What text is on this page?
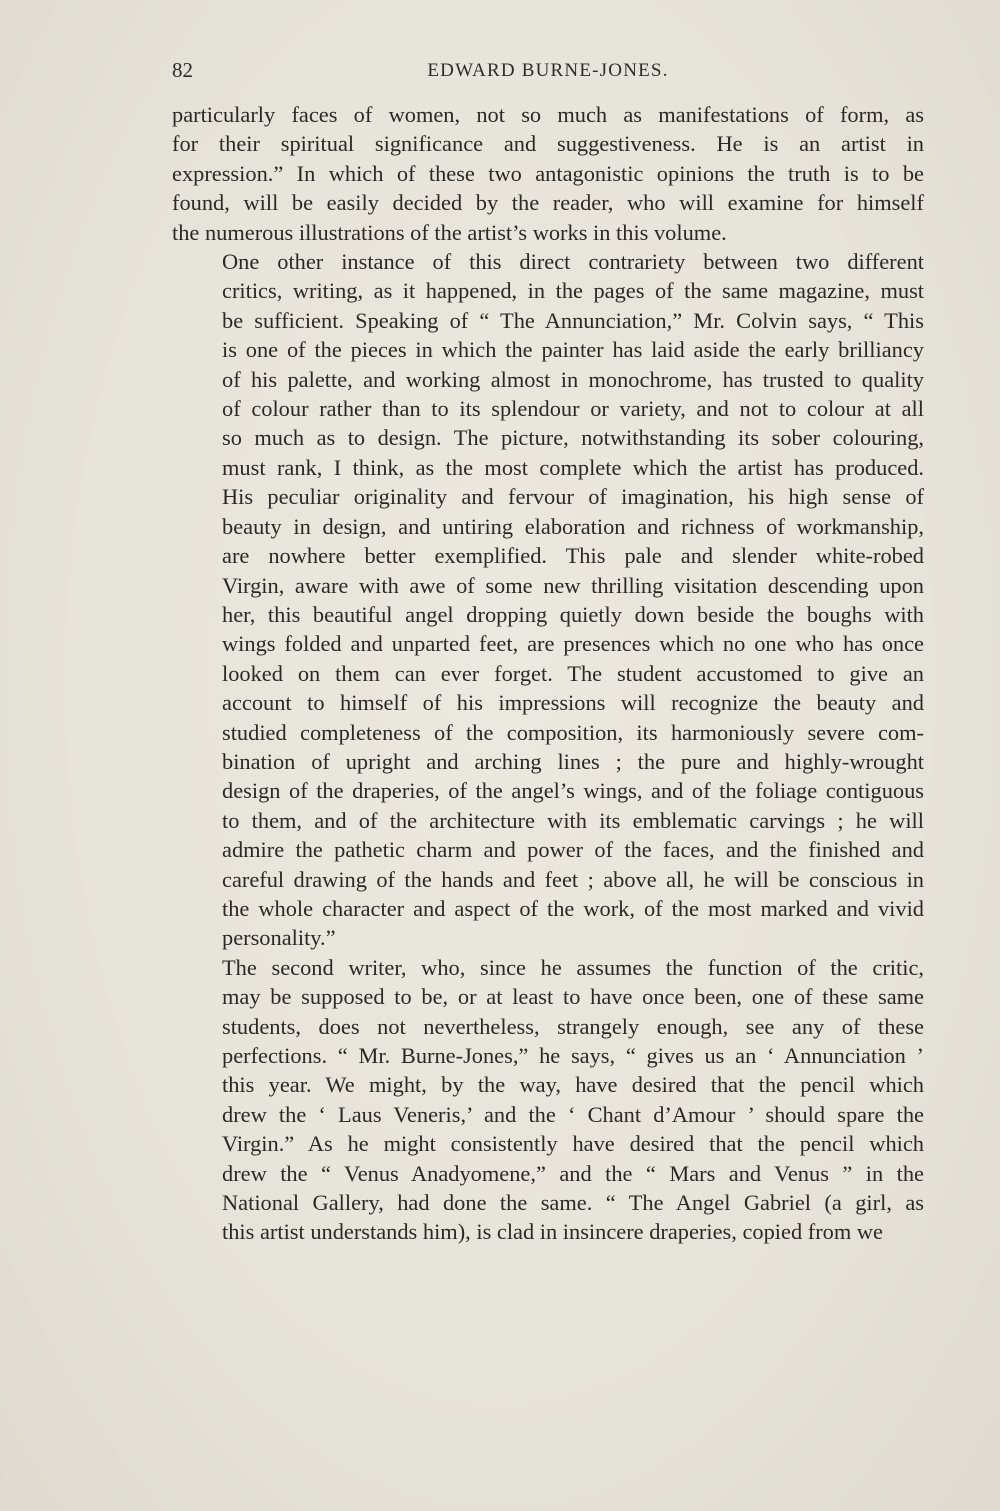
82	EDWARD BURNE-JONES.
particularly faces of women, not so much as manifestations of form, as
for their spiritual significance and suggestiveness. He is an artist in
expression.” In which of these two antagonistic opinions the truth is to be
found, will be easily decided by the reader, who will examine for himself
the numerous illustrations of the artist’s works in this volume.
One other instance of this direct contrariety between two different
critics, writing, as it happened, in the pages of the same magazine, must
be sufficient. Speaking of “ The Annunciation,” Mr. Colvin says, “ This
is one of the pieces in which the painter has laid aside the early brilliancy
of his palette, and working almost in monochrome, has trusted to quality
of colour rather than to its splendour or variety, and not to colour at all
so much as to design. The picture, notwithstanding its sober colouring,
must rank, I think, as the most complete which the artist has produced.
His peculiar originality and fervour of imagination, his high sense of
beauty in design, and untiring elaboration and richness of workmanship,
are nowhere better exemplified. This pale and slender white-robed
Virgin, aware with awe of some new thrilling visitation descending upon
her, this beautiful angel dropping quietly down beside the boughs with
wings folded and unparted feet, are presences which no one who has once
looked on them can ever forget. The student accustomed to give an
account to himself of his impressions will recognize the beauty and
studied completeness of the composition, its harmoniously severe com-
bination of upright and arching lines ; the pure and highly-wrought
design of the draperies, of the angel’s wings, and of the foliage contiguous
to them, and of the architecture with its emblematic carvings ; he will
admire the pathetic charm and power of the faces, and the finished and
careful drawing of the hands and feet ; above all, he will be conscious in
the whole character and aspect of the work, of the most marked and vivid
personality.”
The second writer, who, since he assumes the function of the critic,
may be supposed to be, or at least to have once been, one of these same
students, does not nevertheless, strangely enough, see any of these
perfections. “ Mr. Burne-Jones,” he says, “ gives us an ‘ Annunciation ’
this year. We might, by the way, have desired that the pencil which
drew the ‘ Laus Veneris,’ and the ‘ Chant d’Amour ’ should spare the
Virgin.” As he might consistently have desired that the pencil which
drew the “ Venus Anadyomene,” and the “ Mars and Venus ” in the
National Gallery, had done the same. “ The Angel Gabriel (a girl, as
this artist understands him), is clad in insincere draperies, copied from we
